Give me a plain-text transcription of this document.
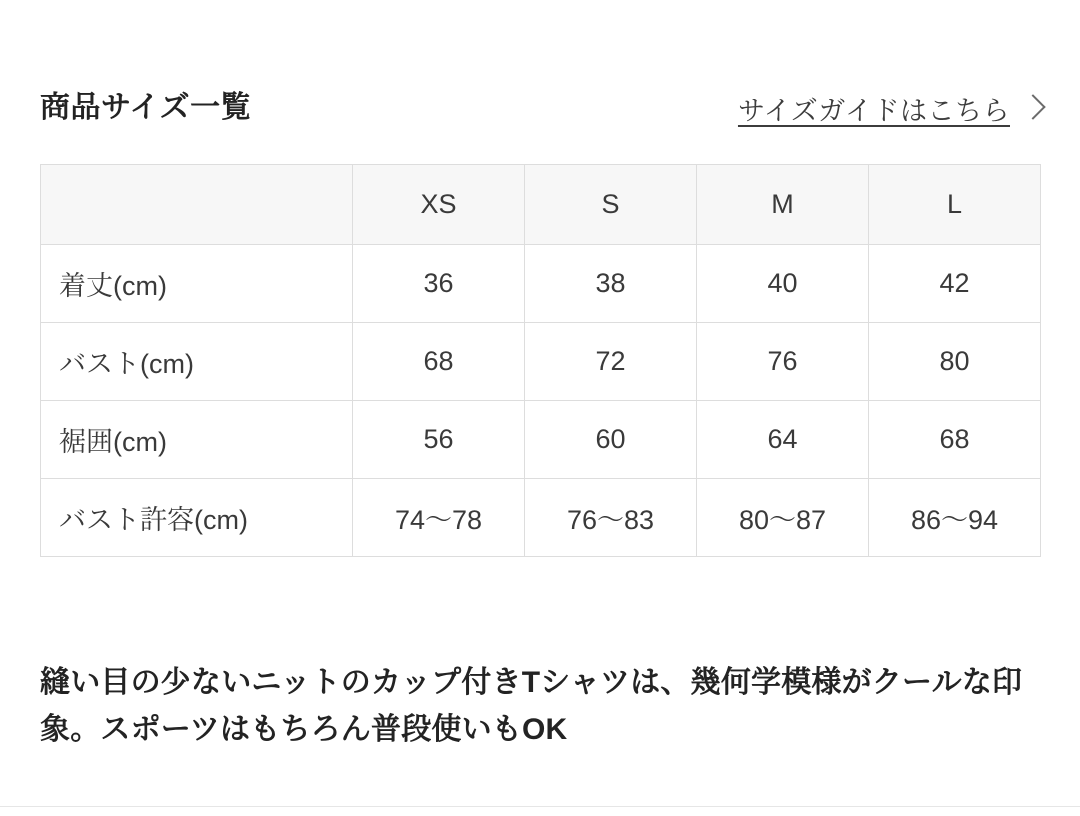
商品サイズ一覧	サイズガイドはこちら
	XS	S	M	L
着丈(cm)	36	38	40	42
バスト(cm)	68	72	76	80
裾囲(cm)	56	60	64	68
バスト許容(cm)	74〜78	76〜83	80〜87	86〜94
縫い目の少ないニットのカップ付きTシャツは、幾何学模様がクールな印象。スポーツはもちろん普段使いもOK
